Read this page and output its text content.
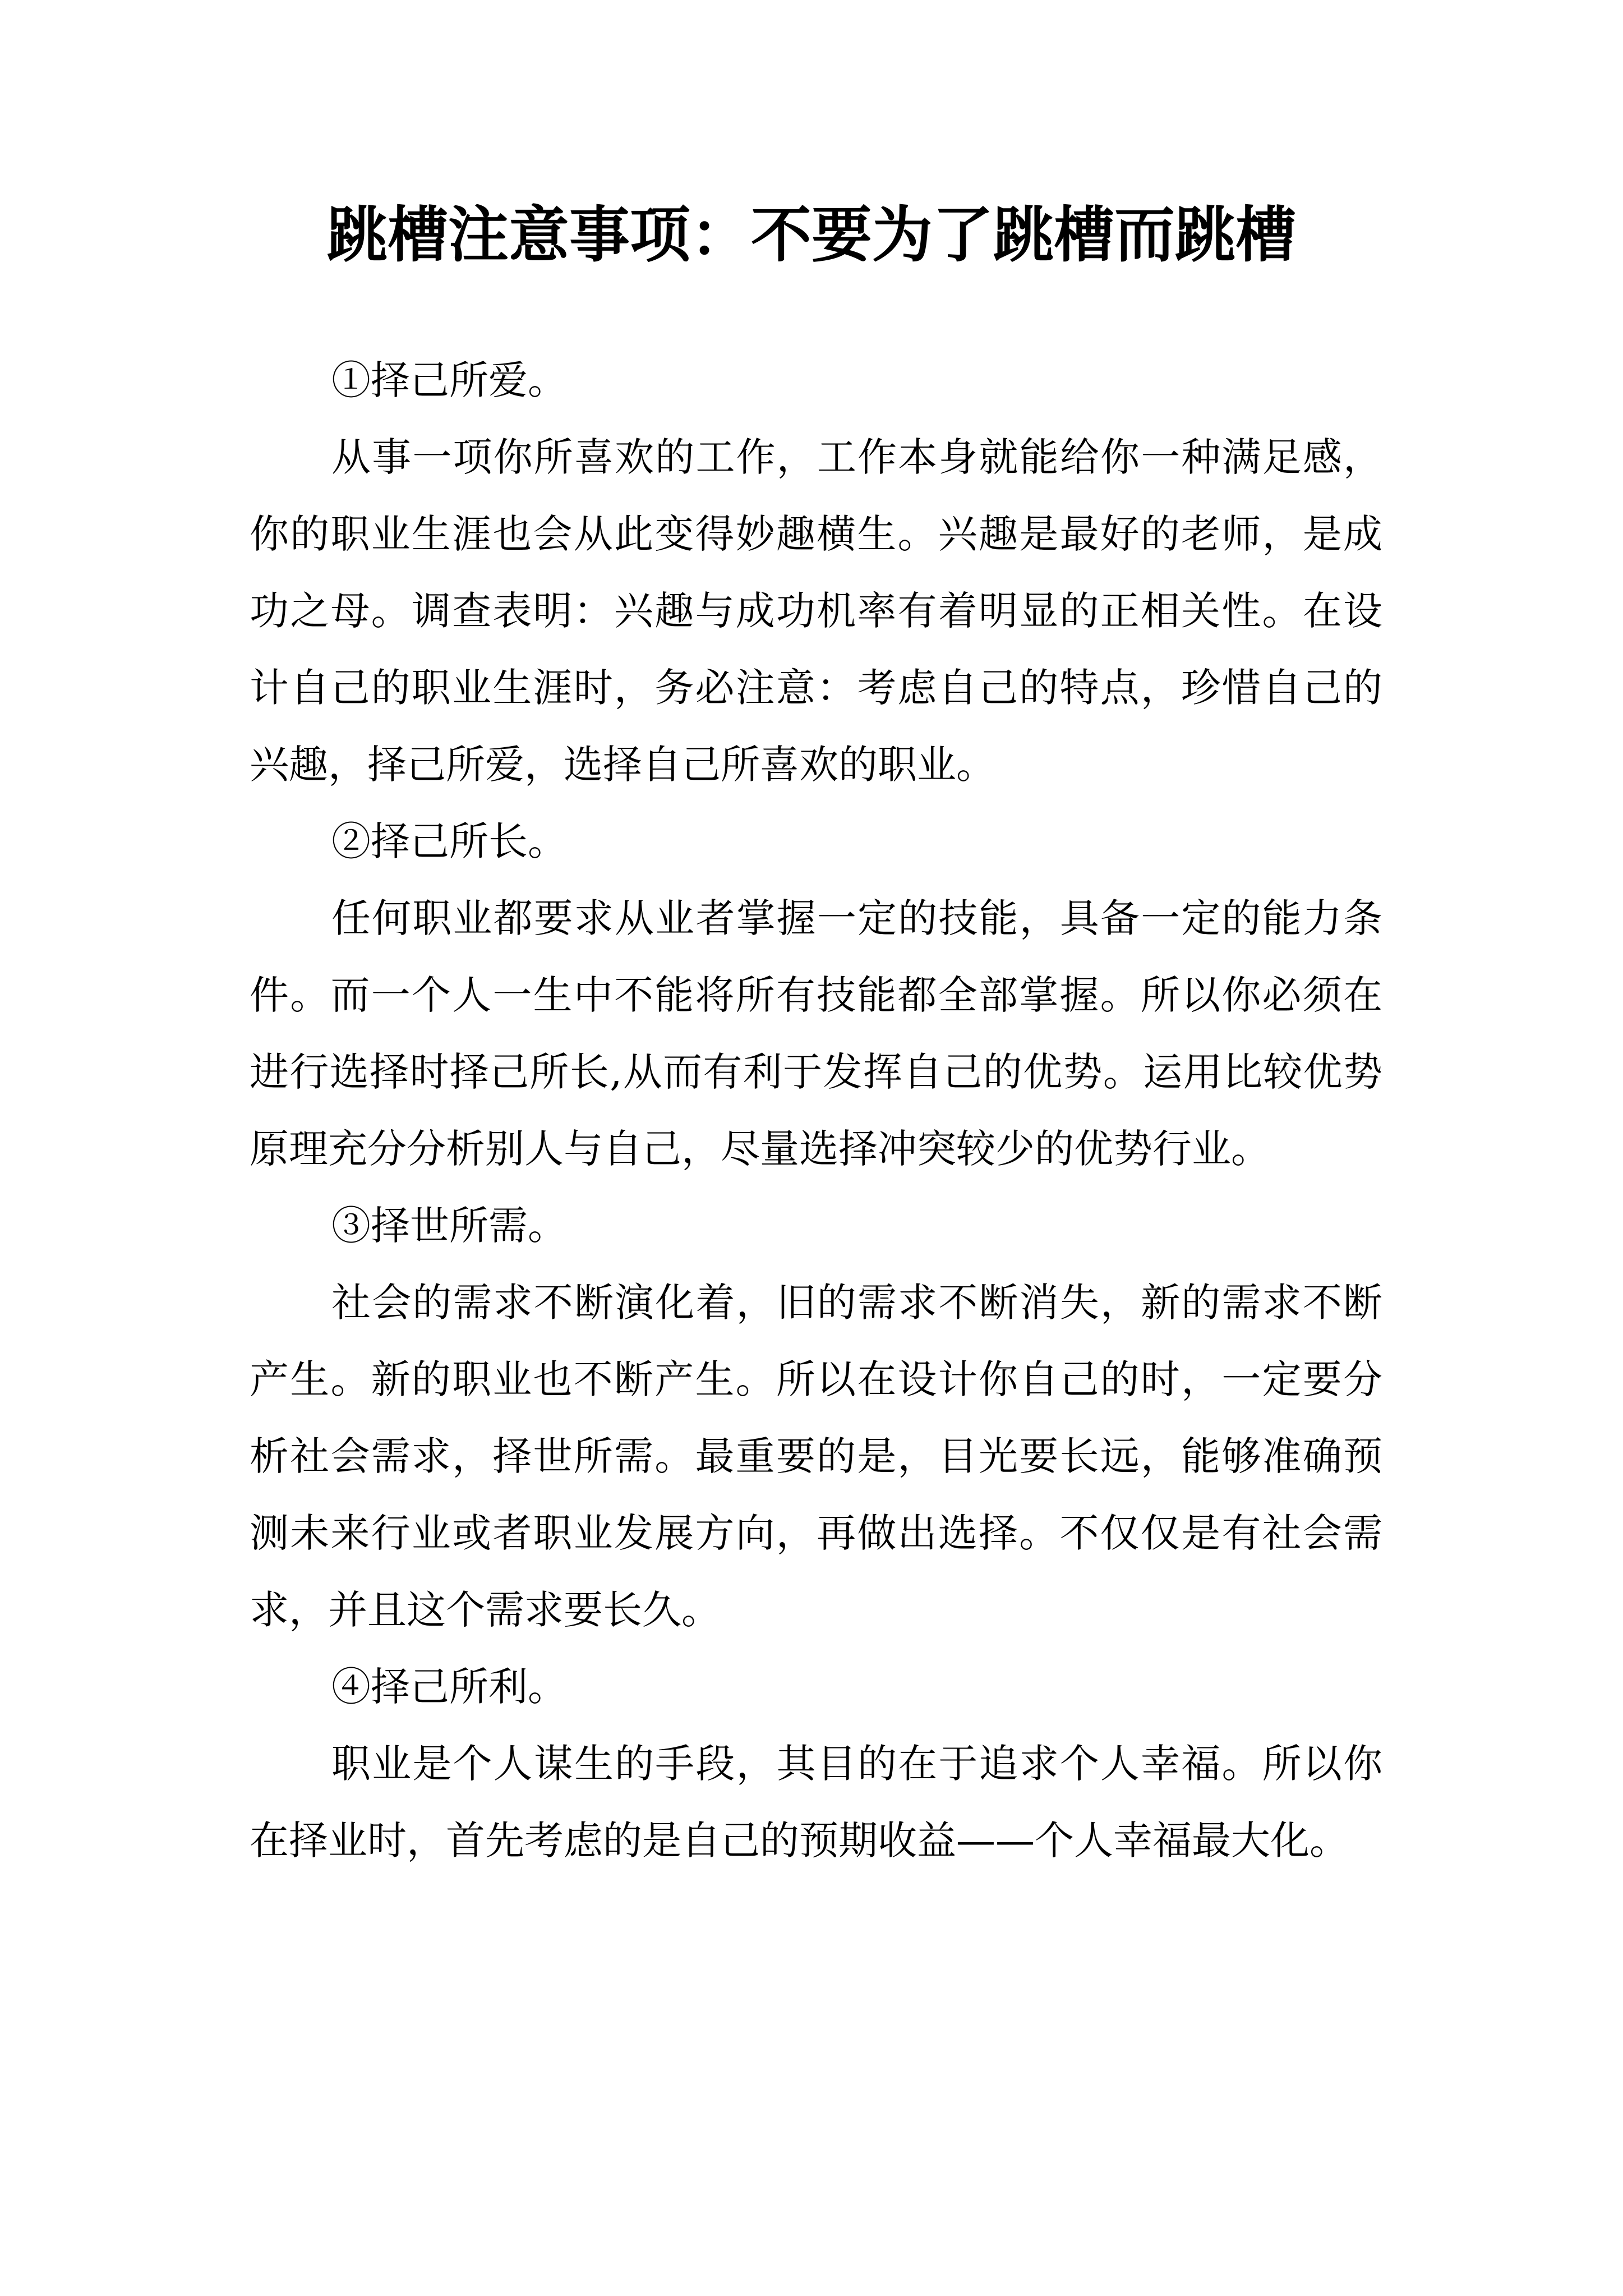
跳槽注意事项：不要为了跳槽而跳槽

①择己所爱。

从事一项你所喜欢的工作，工作本身就能给你一种满足感，你的职业生涯也会从此变得妙趣横生。兴趣是最好的老师，是成功之母。调查表明：兴趣与成功机率有着明显的正相关性。在设计自己的职业生涯时，务必注意：考虑自己的特点，珍惜自己的兴趣，择己所爱，选择自己所喜欢的职业。

②择己所长。

任何职业都要求从业者掌握一定的技能，具备一定的能力条件。而一个人一生中不能将所有技能都全部掌握。所以你必须在进行选择时择己所长,从而有利于发挥自己的优势。运用比较优势原理充分分析别人与自己，尽量选择冲突较少的优势行业。

③择世所需。

社会的需求不断演化着，旧的需求不断消失，新的需求不断产生。新的职业也不断产生。所以在设计你自己的时，一定要分析社会需求，择世所需。最重要的是，目光要长远，能够准确预测未来行业或者职业发展方向，再做出选择。不仅仅是有社会需求，并且这个需求要长久。

④择己所利。

职业是个人谋生的手段，其目的在于追求个人幸福。所以你在择业时，首先考虑的是自己的预期收益——个人幸福最大化。
